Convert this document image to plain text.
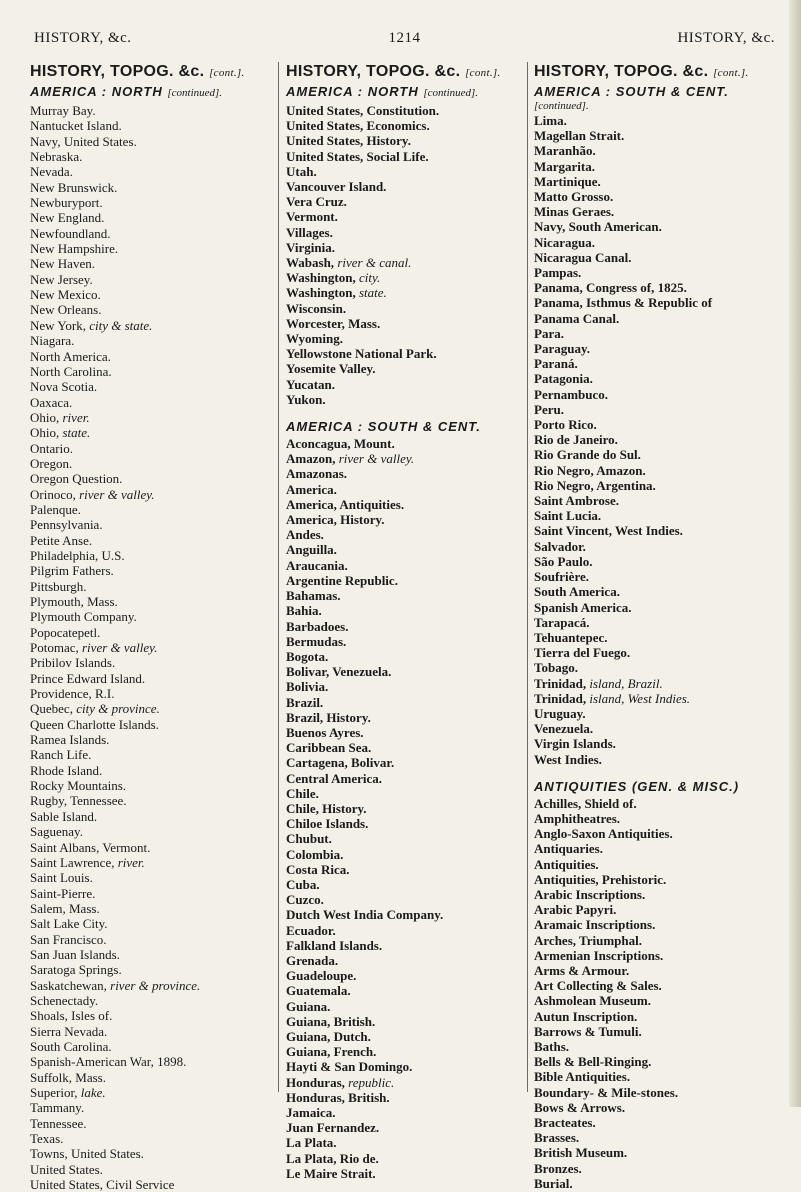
HISTORY, &c.	1214	HISTORY, &c.
HISTORY, TOPOG. &c. [cont.].
AMERICA : NORTH [continued].
Murray Bay.
Nantucket Island.
Navy, United States.
Nebraska.
Nevada.
New Brunswick.
Newburyport.
New England.
Newfoundland.
New Hampshire.
New Haven.
New Jersey.
New Mexico.
New Orleans.
New York, city & state.
Niagara.
North America.
North Carolina.
Nova Scotia.
Oaxaca.
Ohio, river.
Ohio, state.
Ontario.
Oregon.
Oregon Question.
Orinoco, river & valley.
Palenque.
Pennsylvania.
Petite Anse.
Philadelphia, U.S.
Pilgrim Fathers.
Pittsburgh.
Plymouth, Mass.
Plymouth Company.
Popocatepetl.
Potomac, river & valley.
Pribilov Islands.
Prince Edward Island.
Providence, R.I.
Quebec, city & province.
Queen Charlotte Islands.
Ramea Islands.
Ranch Life.
Rhode Island.
Rocky Mountains.
Rugby, Tennessee.
Sable Island.
Saguenay.
Saint Albans, Vermont.
Saint Lawrence, river.
Saint Louis.
Saint-Pierre.
Salem, Mass.
Salt Lake City.
San Francisco.
San Juan Islands.
Saratoga Springs.
Saskatchewan, river & province.
Schenectady.
Shoals, Isles of.
Sierra Nevada.
South Carolina.
Spanish-American War, 1898.
Suffolk, Mass.
Superior, lake.
Tammany.
Tennessee.
Texas.
Towns, United States.
United States.
United States, Civil Service
HISTORY, TOPOG. &c. [cont.].
AMERICA : NORTH [continued].
United States, Constitution.
United States, Economics.
United States, History.
United States, Social Life.
Utah.
Vancouver Island.
Vera Cruz.
Vermont.
Villages.
Virginia.
Wabash, river & canal.
Washington, city.
Washington, state.
Wisconsin.
Worcester, Mass.
Wyoming.
Yellowstone National Park.
Yosemite Valley.
Yucatan.
Yukon.
AMERICA : SOUTH & CENT.
Aconcagua, Mount.
Amazon, river & valley.
Amazonas.
America.
America, Antiquities.
America, History.
Andes.
Anguilla.
Araucania.
Argentine Republic.
Bahamas.
Bahia.
Barbadoes.
Bermudas.
Bogota.
Bolivar, Venezuela.
Bolivia.
Brazil.
Brazil, History.
Buenos Ayres.
Caribbean Sea.
Cartagena, Bolivar.
Central America.
Chile.
Chile, History.
Chiloe Islands.
Chubut.
Colombia.
Costa Rica.
Cuba.
Cuzco.
Dutch West India Company.
Ecuador.
Falkland Islands.
Grenada.
Guadeloupe.
Guatemala.
Guiana.
Guiana, British.
Guiana, Dutch.
Guiana, French.
Hayti & San Domingo.
Honduras, republic.
Honduras, British.
Jamaica.
Juan Fernandez.
La Plata.
La Plata, Rio de.
Le Maire Strait.
HISTORY, TOPOG. &c. [cont.].
AMERICA : SOUTH & CENT.
[continued].
Lima.
Magellan Strait.
Maranhão.
Margarita.
Martinique.
Matto Grosso.
Minas Geraes.
Navy, South American.
Nicaragua.
Nicaragua Canal.
Pampas.
Panama, Congress of, 1825.
Panama, Isthmus & Republic of
Panama Canal.
Para.
Paraguay.
Paraná.
Patagonia.
Pernambuco.
Peru.
Porto Rico.
Rio de Janeiro.
Rio Grande do Sul.
Rio Negro, Amazon.
Rio Negro, Argentina.
Saint Ambrose.
Saint Lucia.
Saint Vincent, West Indies.
Salvador.
São Paulo.
Soufrière.
South America.
Spanish America.
Tarapacá.
Tehuantepec.
Tierra del Fuego.
Tobago.
Trinidad, island, Brazil.
Trinidad, island, West Indies.
Uruguay.
Venezuela.
Virgin Islands.
West Indies.
ANTIQUITIES (GEN. & MISC.)
Achilles, Shield of.
Amphitheatres.
Anglo-Saxon Antiquities.
Antiquaries.
Antiquities.
Antiquities, Prehistoric.
Arabic Inscriptions.
Arabic Papyri.
Aramaic Inscriptions.
Arches, Triumphal.
Armenian Inscriptions.
Arms & Armour.
Art Collecting & Sales.
Ashmolean Museum.
Autun Inscription.
Barrows & Tumuli.
Baths.
Bells & Bell-Ringing.
Bible Antiquities.
Boundary- & Mile-stones.
Bows & Arrows.
Bracteates.
Brasses.
British Museum.
Bronzes.
Burial.
